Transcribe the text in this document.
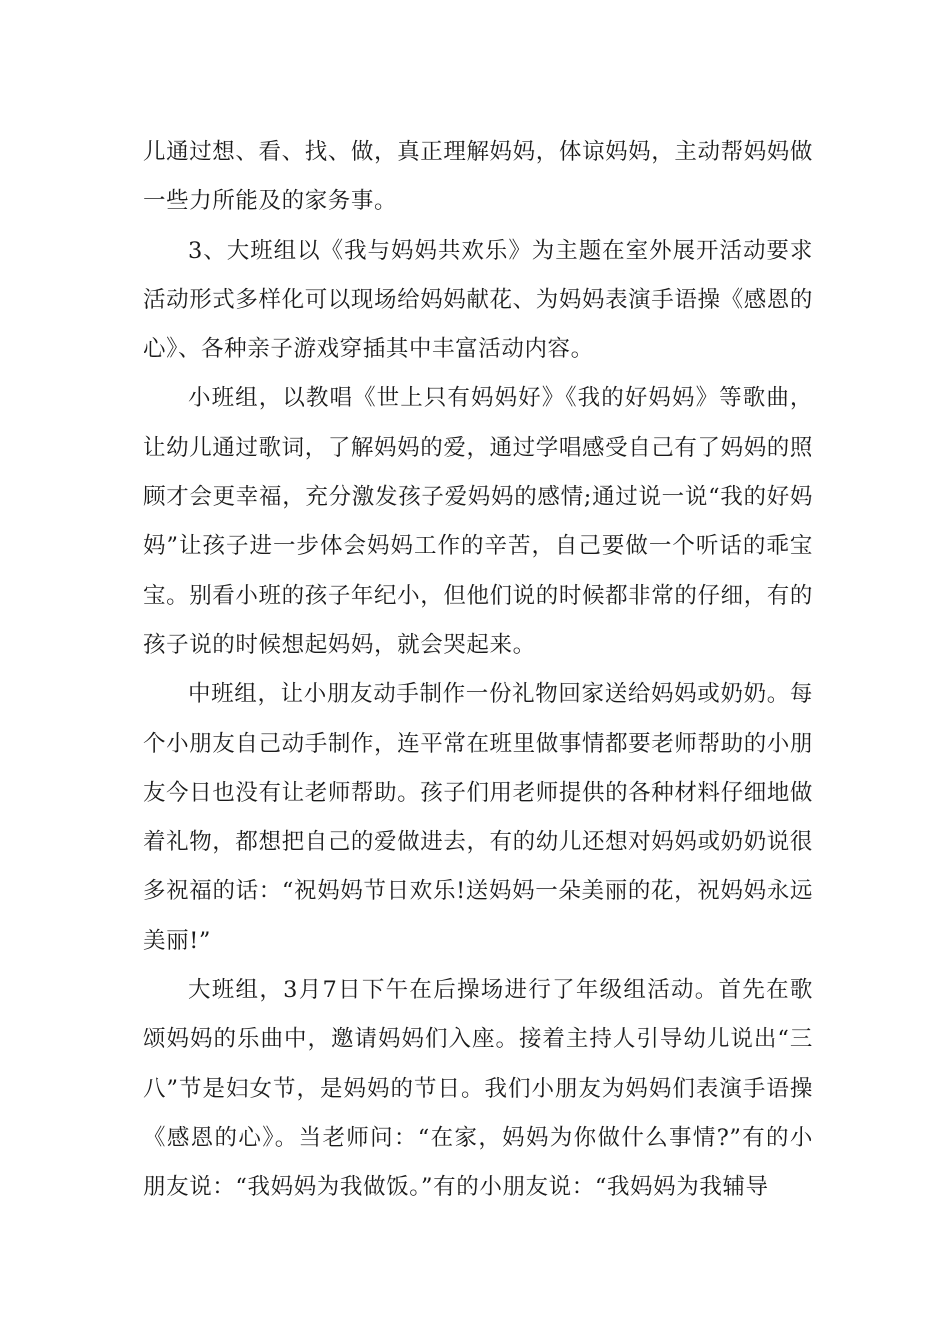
儿通过想、看、找、做，真正理解妈妈，体谅妈妈，主动帮妈妈做一些力所能及的家务事。

3、大班组以《我与妈妈共欢乐》为主题在室外展开活动要求活动形式多样化可以现场给妈妈献花、为妈妈表演手语操《感恩的心》、各种亲子游戏穿插其中丰富活动内容。

小班组，以教唱《世上只有妈妈好》《我的好妈妈》等歌曲，让幼儿通过歌词，了解妈妈的爱，通过学唱感受自己有了妈妈的照顾才会更幸福，充分激发孩子爱妈妈的感情;通过说一说“我的好妈妈”让孩子进一步体会妈妈工作的辛苦，自己要做一个听话的乖宝宝。别看小班的孩子年纪小，但他们说的时候都非常的仔细，有的孩子说的时候想起妈妈，就会哭起来。

中班组，让小朋友动手制作一份礼物回家送给妈妈或奶奶。每个小朋友自己动手制作，连平常在班里做事情都要老师帮助的小朋友今日也没有让老师帮助。孩子们用老师提供的各种材料仔细地做着礼物，都想把自己的爱做进去，有的幼儿还想对妈妈或奶奶说很多祝福的话：“祝妈妈节日欢乐!送妈妈一朵美丽的花，祝妈妈永远美丽!”

大班组，3月7日下午在后操场进行了年级组活动。首先在歌颂妈妈的乐曲中，邀请妈妈们入座。接着主持人引导幼儿说出“三八”节是妇女节，是妈妈的节日。我们小朋友为妈妈们表演手语操《感恩的心》。当老师问：“在家，妈妈为你做什么事情?”有的小朋友说：“我妈妈为我做饭。”有的小朋友说：“我妈妈为我辅导
